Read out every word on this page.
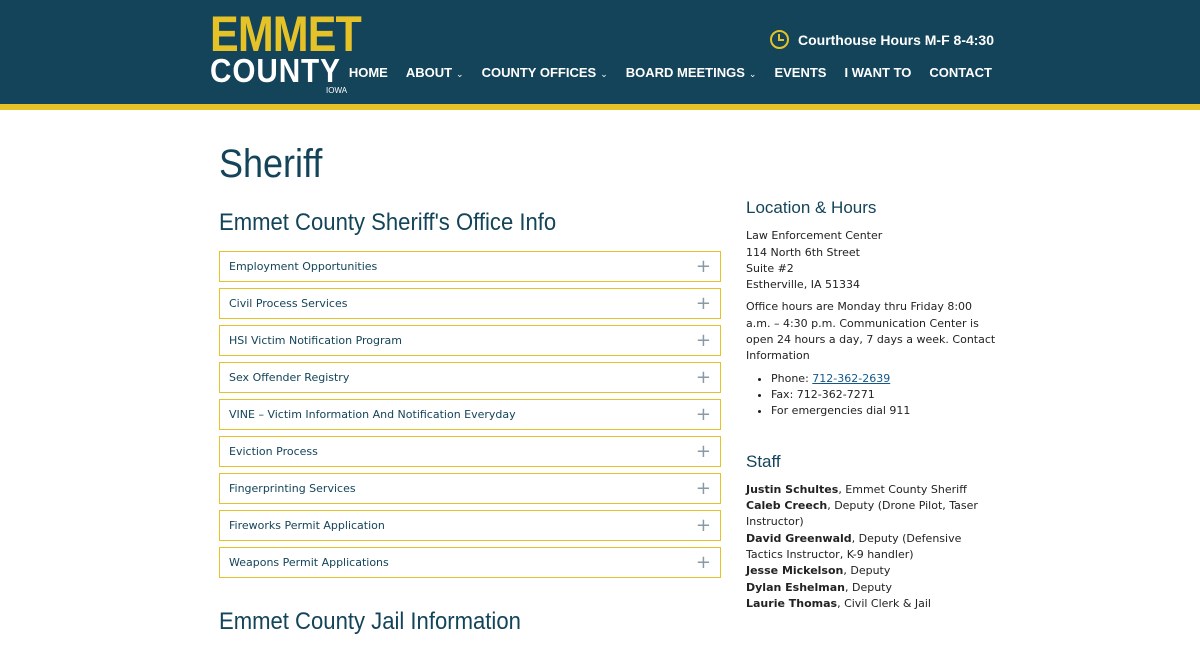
EMMET
COUNTY
IOWA
Courthouse Hours M-F 8-4:30
HOME ABOUT ⌄ COUNTY OFFICES ⌄ BOARD MEETINGS ⌄ EVENTS I WANT TO CONTACT
Sheriff
Emmet County Sheriff's Office Info
Employment Opportunities	+
Civil Process Services	+
HSI Victim Notification Program	+
Sex Offender Registry	+
VINE – Victim Information And Notification Everyday	+
Eviction Process	+
Fingerprinting Services	+
Fireworks Permit Application	+
Weapons Permit Applications	+
Emmet County Jail Information
Location & Hours

Law Enforcement Center
114 North 6th Street
Suite #2
Estherville, IA 51334

Office hours are Monday thru Friday 8:00 a.m. – 4:30 p.m. Communication Center is open 24 hours a day, 7 days a week. Contact Information

• Phone: 712-362-2639
• Fax: 712-362-7271
• For emergencies dial 911
Staff
Justin Schultes, Emmet County Sheriff
Caleb Creech, Deputy (Drone Pilot, Taser Instructor)
David Greenwald, Deputy (Defensive Tactics Instructor, K-9 handler)
Jesse Mickelson, Deputy
Dylan Eshelman, Deputy
Laurie Thomas, Civil Clerk & Jail
